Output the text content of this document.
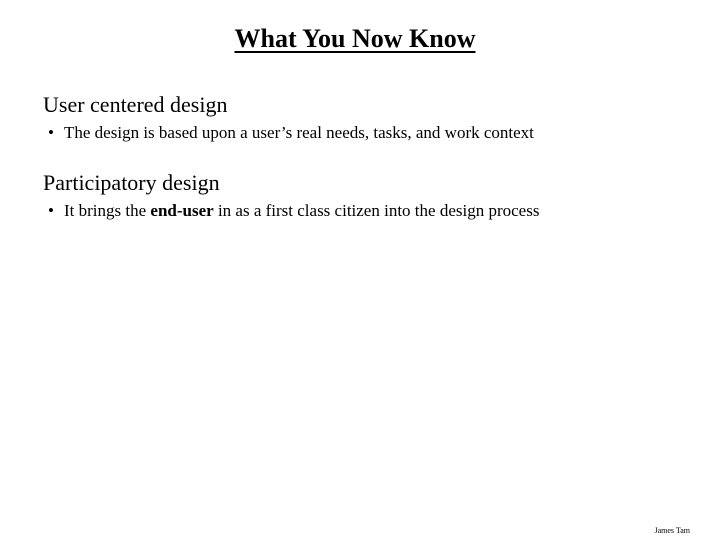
What You Now Know
User centered design
• The design is based upon a user’s real needs, tasks, and work context
Participatory design
• It brings the end-user in as a first class citizen into the design process
James Tam
